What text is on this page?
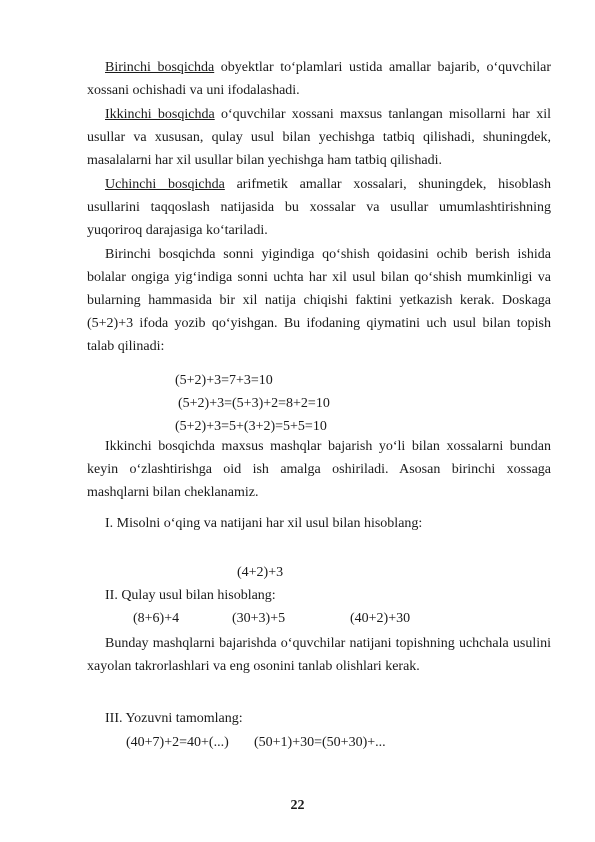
Birinchi bosqichda obyektlar to‘plamlari ustida amallar bajarib, o‘quvchilar xossani ochishadi va uni ifodalashadi.

Ikkinchi bosqichda o‘quvchilar xossani maxsus tanlangan misollarni har xil usullar va xususan, qulay usul bilan yechishga tatbiq qilishadi, shuningdek, masalalarni har xil usullar bilan yechishga ham tatbiq qilishadi.

Uchinchi bosqichda arifmetik amallar xossalari, shuningdek, hisoblash usullarini taqqoslash natijasida bu xossalar va usullar umumlashtirishning yuqoriroq darajasiga ko‘tariladi.

Birinchi bosqichda sonni yigindiga qo‘shish qoidasini ochib berish ishida bolalar ongiga yig‘indiga sonni uchta har xil usul bilan qo‘shish mumkinligi va bularning hammasida bir xil natija chiqishi faktini yetkazish kerak. Doskaga (5+2)+3 ifoda yozib qo‘yishgan. Bu ifodaning qiymatini uch usul bilan topish talab qilinadi:

(5+2)+3=7+3=10

(5+2)+3=(5+3)+2=8+2=10

(5+2)+3=5+(3+2)=5+5=10

Ikkinchi bosqichda maxsus mashqlar bajarish yo‘li bilan xossalarni bundan keyin o‘zlashtirishga oid ish amalga oshiriladi. Asosan birinchi xossaga mashqlarni bilan cheklanamiz.

I. Misolni o‘qing va natijani har xil usul bilan hisoblang:

(4+2)+3

II. Qulay usul bilan hisoblang:

(8+6)+4	(30+3)+5	(40+2)+30

Bunday mashqlarni bajarishda o‘quvchilar natijani topishning uchchala usulini xayolan takrorlashlari va eng osonini tanlab olishlari kerak.

III. Yozuvni tamomlang:

(40+7)+2=40+(...) (50+1)+30=(50+30)+...

22
